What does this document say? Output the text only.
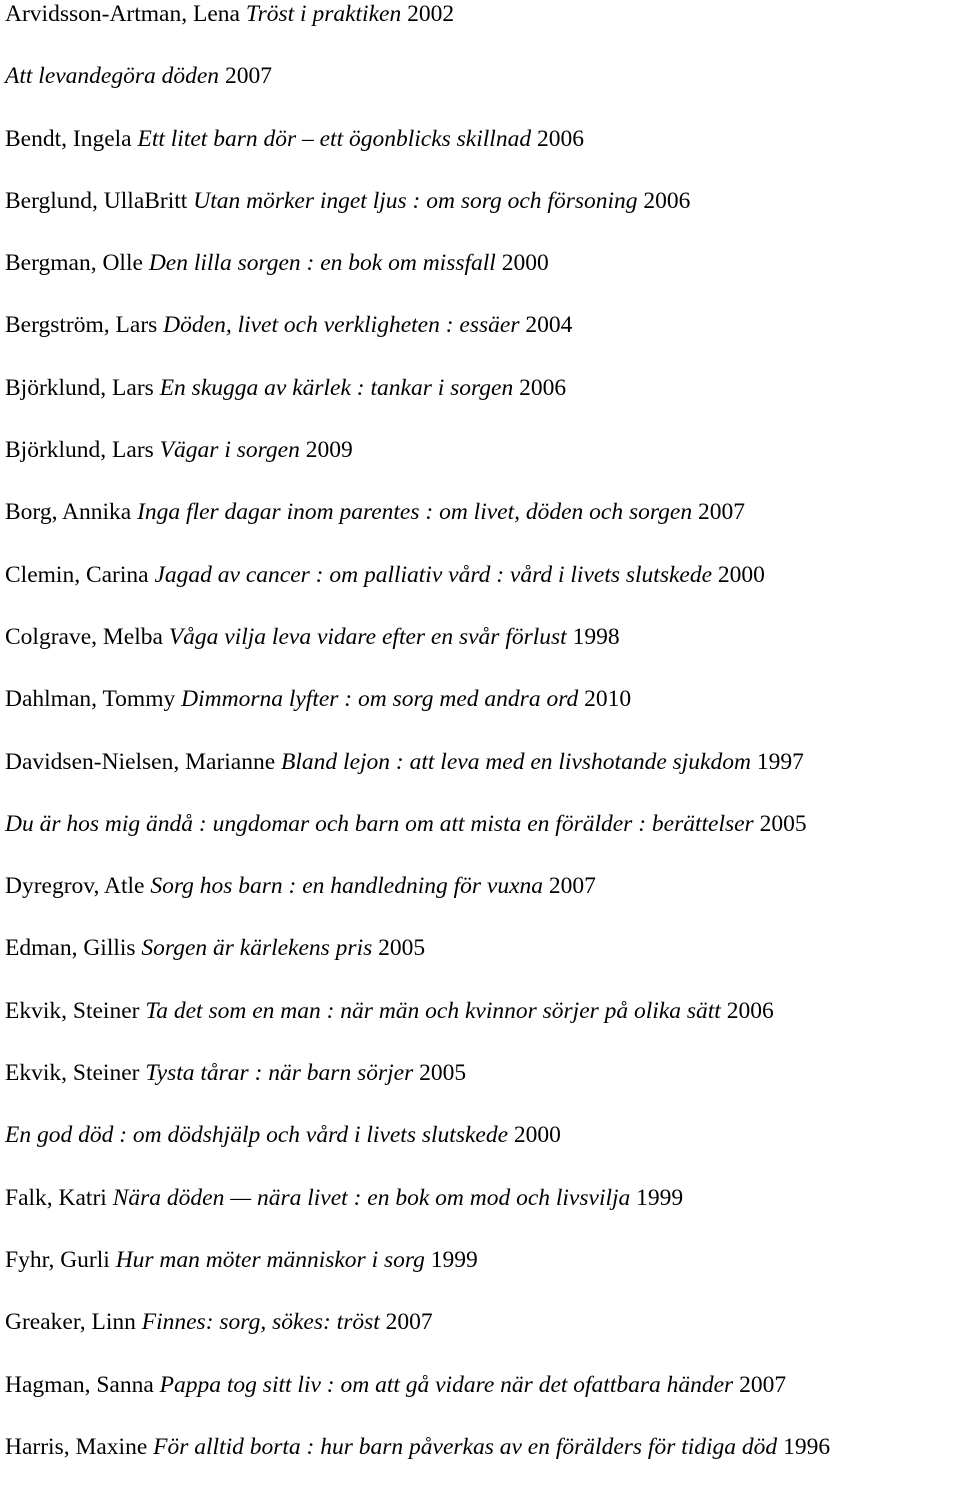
Arvidsson-Artman, Lena Tröst i praktiken 2002
Att levandegöra döden 2007
Bendt, Ingela Ett litet barn dör – ett ögonblicks skillnad 2006
Berglund, UllaBritt Utan mörker inget ljus : om sorg och försoning 2006
Bergman, Olle Den lilla sorgen : en bok om missfall 2000
Bergström, Lars Döden, livet och verkligheten : essäer 2004
Björklund, Lars En skugga av kärlek : tankar i sorgen 2006
Björklund, Lars Vägar i sorgen 2009
Borg, Annika Inga fler dagar inom parentes : om livet, döden och sorgen 2007
Clemin, Carina Jagad av cancer : om palliativ vård : vård i livets slutskede 2000
Colgrave, Melba Våga vilja leva vidare efter en svår förlust 1998
Dahlman, Tommy Dimmorna lyfter : om sorg med andra ord 2010
Davidsen-Nielsen, Marianne Bland lejon : att leva med en livshotande sjukdom 1997
Du är hos mig ändå : ungdomar och barn om att mista en förälder : berättelser 2005
Dyregrov, Atle Sorg hos barn : en handledning för vuxna 2007
Edman, Gillis Sorgen är kärlekens pris 2005
Ekvik, Steiner Ta det som en man : när män och kvinnor sörjer på olika sätt 2006
Ekvik, Steiner Tysta tårar : när barn sörjer 2005
En god död : om dödshjälp och vård i livets slutskede 2000
Falk, Katri Nära döden — nära livet : en bok om mod och livsvilja 1999
Fyhr, Gurli Hur man möter människor i sorg 1999
Greaker, Linn Finnes: sorg, sökes: tröst 2007
Hagman, Sanna Pappa tog sitt liv : om att gå vidare när det ofattbara händer 2007
Harris, Maxine För alltid borta : hur barn påverkas av en förälders för tidiga död 1996
